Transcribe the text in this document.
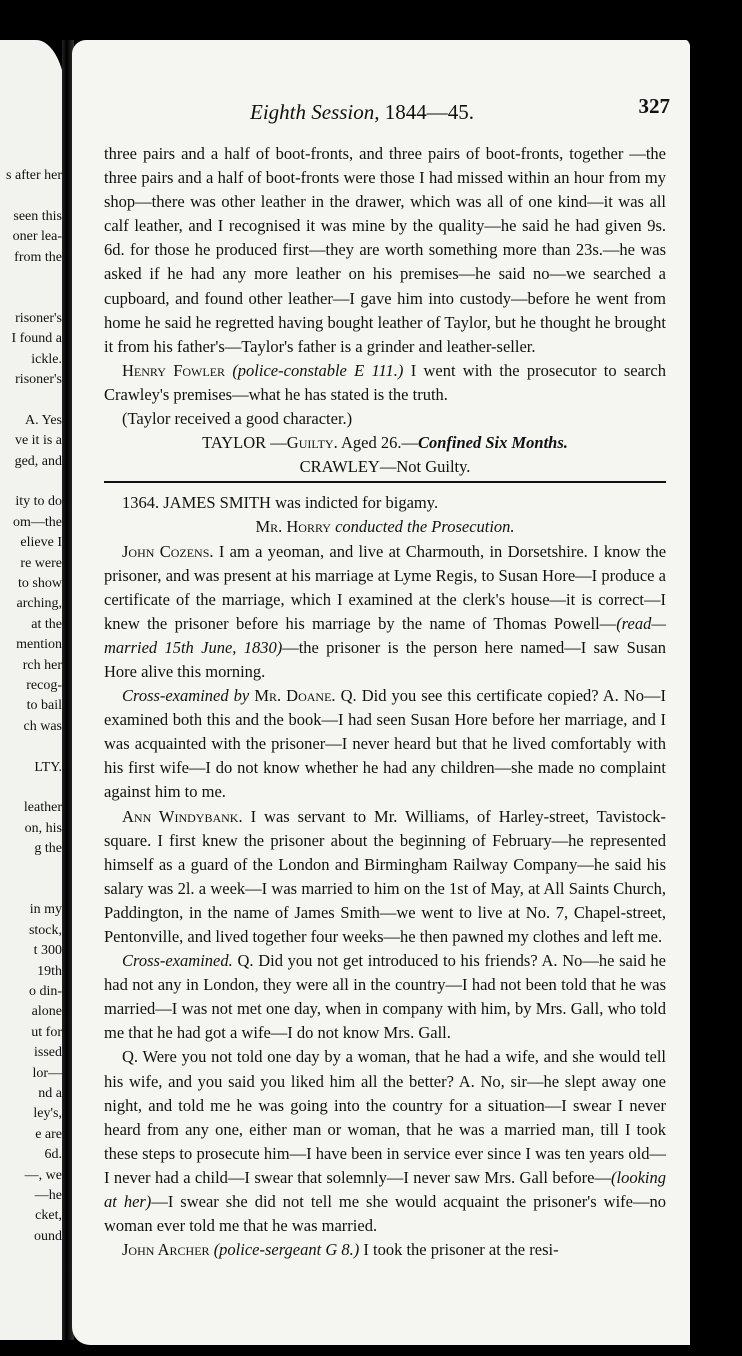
s after her
seen this
oner lea-
from the
risoner's
I found a
ickle.
risoner's
A. Yes
ve it is a
ged, and
ity to do
om—the
elieve I
re were
to show
arching,
at the
mention
rch her
recog-
to bail
ch was
LTY.
leather
on, his
g the
in my
stock,
t 300
19th
o din-
alone
ut for
issed
lor—
nd a
ley's,
e are
6d.
—, we
—he
cket,
ound
Eighth Session, 1844—45.	327

three pairs and a half of boot-fronts, and three pairs of boot-fronts, together —the three pairs and a half of boot-fronts were those I had missed within an hour from my shop—there was other leather in the drawer, which was all of one kind—it was all calf leather, and I recognised it was mine by the quality—he said he had given 9s. 6d. for those he produced first—they are worth something more than 23s.—he was asked if he had any more leather on his premises—he said no—we searched a cupboard, and found other leather—I gave him into custody—before he went from home he said he regretted having bought leather of Taylor, but he thought he brought it from his father's—Taylor's father is a grinder and leather-seller.

Henry Fowler (police-constable E 111.) I went with the prosecutor to search Crawley's premises—what he has stated is the truth.

(Taylor received a good character.)

TAYLOR —Guilty. Aged 26.—Confined Six Months.

CRAWLEY—Not Guilty.

1364. JAMES SMITH was indicted for bigamy.

Mr. Horry conducted the Prosecution.

John Cozens. I am a yeoman, and live at Charmouth, in Dorsetshire. I know the prisoner, and was present at his marriage at Lyme Regis, to Susan Hore—I produce a certificate of the marriage, which I examined at the clerk's house—it is correct—I knew the prisoner before his marriage by the name of Thomas Powell—(read—married 15th June, 1830)—the prisoner is the person here named—I saw Susan Hore alive this morning.

Cross-examined by Mr. Doane. Q. Did you see this certificate copied? A. No—I examined both this and the book—I had seen Susan Hore before her marriage, and I was acquainted with the prisoner—I never heard but that he lived comfortably with his first wife—I do not know whether he had any children—she made no complaint against him to me.

Ann Windybank. I was servant to Mr. Williams, of Harley-street, Tavistock-square. I first knew the prisoner about the beginning of February—he represented himself as a guard of the London and Birmingham Railway Company—he said his salary was 2l. a week—I was married to him on the 1st of May, at All Saints Church, Paddington, in the name of James Smith—we went to live at No. 7, Chapel-street, Pentonville, and lived together four weeks—he then pawned my clothes and left me.

Cross-examined. Q. Did you not get introduced to his friends? A. No—he said he had not any in London, they were all in the country—I had not been told that he was married—I was not met one day, when in company with him, by Mrs. Gall, who told me that he had got a wife—I do not know Mrs. Gall.

Q. Were you not told one day by a woman, that he had a wife, and she would tell his wife, and you said you liked him all the better? A. No, sir—he slept away one night, and told me he was going into the country for a situation—I swear I never heard from any one, either man or woman, that he was a married man, till I took these steps to prosecute him—I have been in service ever since I was ten years old—I never had a child—I swear that solemnly—I never saw Mrs. Gall before—(looking at her)—I swear she did not tell me she would acquaint the prisoner's wife—no woman ever told me that he was married.

John Archer (police-sergeant G 8.) I took the prisoner at the resi-
